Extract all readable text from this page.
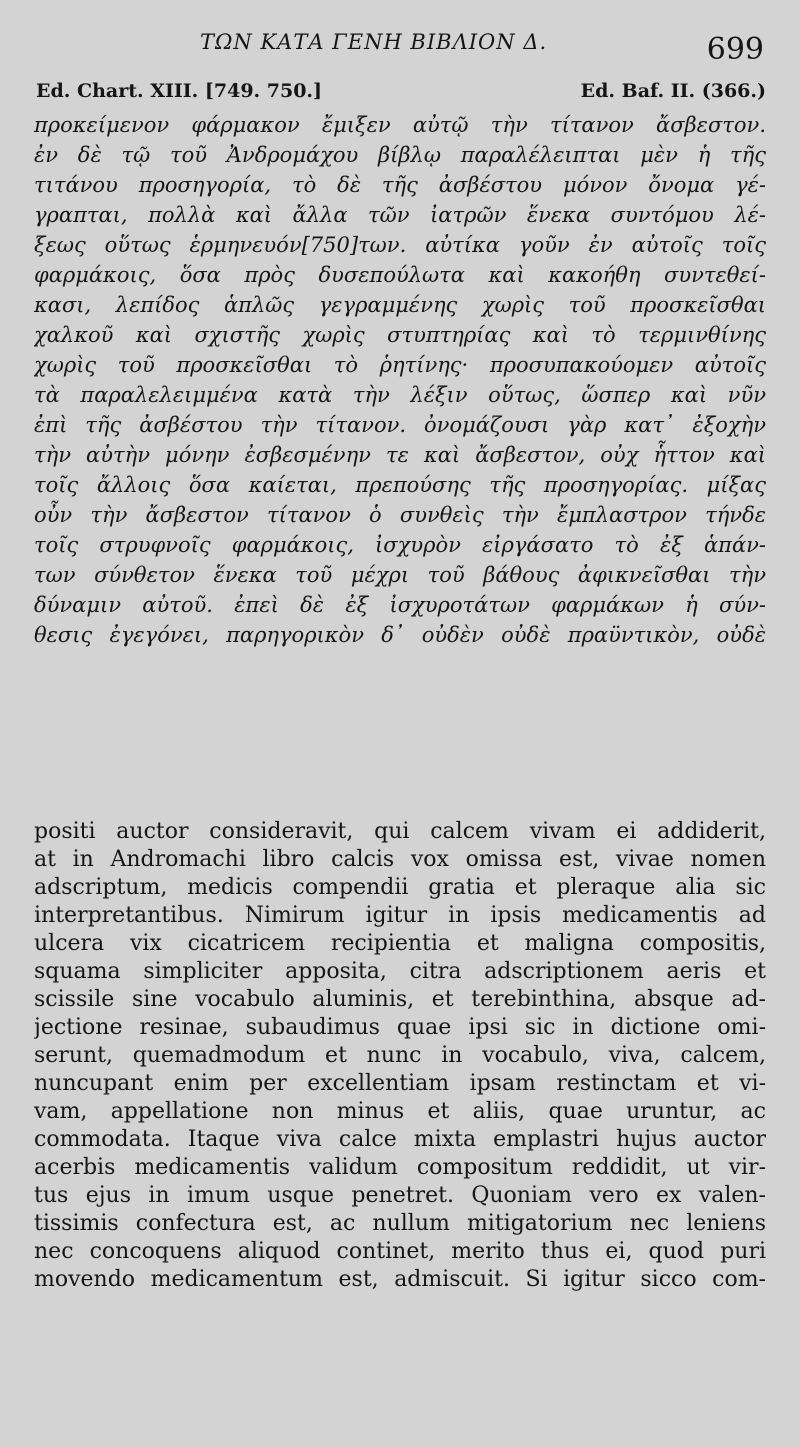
ΤΩΝ ΚΑΤΑ ΓΕΝΗ ΒΙΒΛΙΟΝ Δ.	699
Ed. Chart. XIII. [749. 750.]	Ed. Baf. II. (366.)
προκείμενον φάρμακον ἔμιξεν αὐτῷ τὴν τίτανον ἄσβεστον.
ἐν δὲ τῷ τοῦ Ἀνδρομάχου βίβλῳ παραλέλειπται μὲν ἡ τῆς
τιτάνου προσηγορία, τὸ δὲ τῆς ἀσβέστου μόνον ὄνομα γέ-
γραπται, πολλὰ καὶ ἄλλα τῶν ἰατρῶν ἕνεκα συντόμου λέ-
ξεως οὕτως ἑρμηνευόν[750]των. αὐτίκα γοῦν ἐν αὐτοῖς τοῖς
φαρμάκοις, ὅσα πρὸς δυσεπούλωτα καὶ κακοήθη συντεθεί-
κασι, λεπίδος ἁπλῶς γεγραμμένης χωρὶς τοῦ προσκεῖσθαι
χαλκοῦ καὶ σχιστῆς χωρὶς στυπτηρίας καὶ τὸ τερμινθίνης
χωρὶς τοῦ προσκεῖσθαι τὸ ῥητίνης· προσυπακούομεν αὐτοῖς
τὰ παραλελειμμένα κατὰ τὴν λέξιν οὕτως, ὥσπερ καὶ νῦν
ἐπὶ τῆς ἀσβέστου τὴν τίτανον. ὀνομάζουσι γὰρ κατ᾽ ἐξοχὴν
τὴν αὐτὴν μόνην ἐσβεσμένην τε καὶ ἄσβεστον, οὐχ ἧττον καὶ
τοῖς ἄλλοις ὅσα καίεται, πρεπούσης τῆς προσηγορίας. μίξας
οὖν τὴν ἄσβεστον τίτανον ὁ συνθεὶς τὴν ἔμπλαστρον τήνδε
τοῖς στρυφνοῖς φαρμάκοις, ἰσχυρὸν εἰργάσατο τὸ ἐξ ἁπάν-
των σύνθετον ἕνεκα τοῦ μέχρι τοῦ βάθους ἀφικνεῖσθαι τὴν
δύναμιν αὐτοῦ. ἐπεὶ δὲ ἐξ ἰσχυροτάτων φαρμάκων ἡ σύν-
θεσις ἐγεγόνει, παρηγορικὸν δ᾽ οὐδὲν οὐδὲ πραϋντικὸν, οὐδὲ
positi auctor consideravit, qui calcem vivam ei addiderit,
at in Andromachi libro calcis vox omissa est, vivae nomen
adscriptum, medicis compendii gratia et pleraque alia sic
interpretantibus. Nimirum igitur in ipsis medicamentis ad
ulcera vix cicatricem recipientia et maligna compositis,
squama simpliciter apposita, citra adscriptionem aeris et
scissile sine vocabulo aluminis, et terebinthina, absque ad-
jectione resinae, subaudimus quae ipsi sic in dictione omi-
serunt, quemadmodum et nunc in vocabulo, viva, calcem,
nuncupant enim per excellentiam ipsam restinctam et vi-
vam, appellatione non minus et aliis, quae uruntur, ac
commodata. Itaque viva calce mixta emplastri hujus auctor
acerbis medicamentis validum compositum reddidit, ut vir-
tus ejus in imum usque penetret. Quoniam vero ex valen-
tissimis confectura est, ac nullum mitigatorium nec leniens
nec concoquens aliquod continet, merito thus ei, quod puri
movendo medicamentum est, admiscuit. Si igitur sicco com-
